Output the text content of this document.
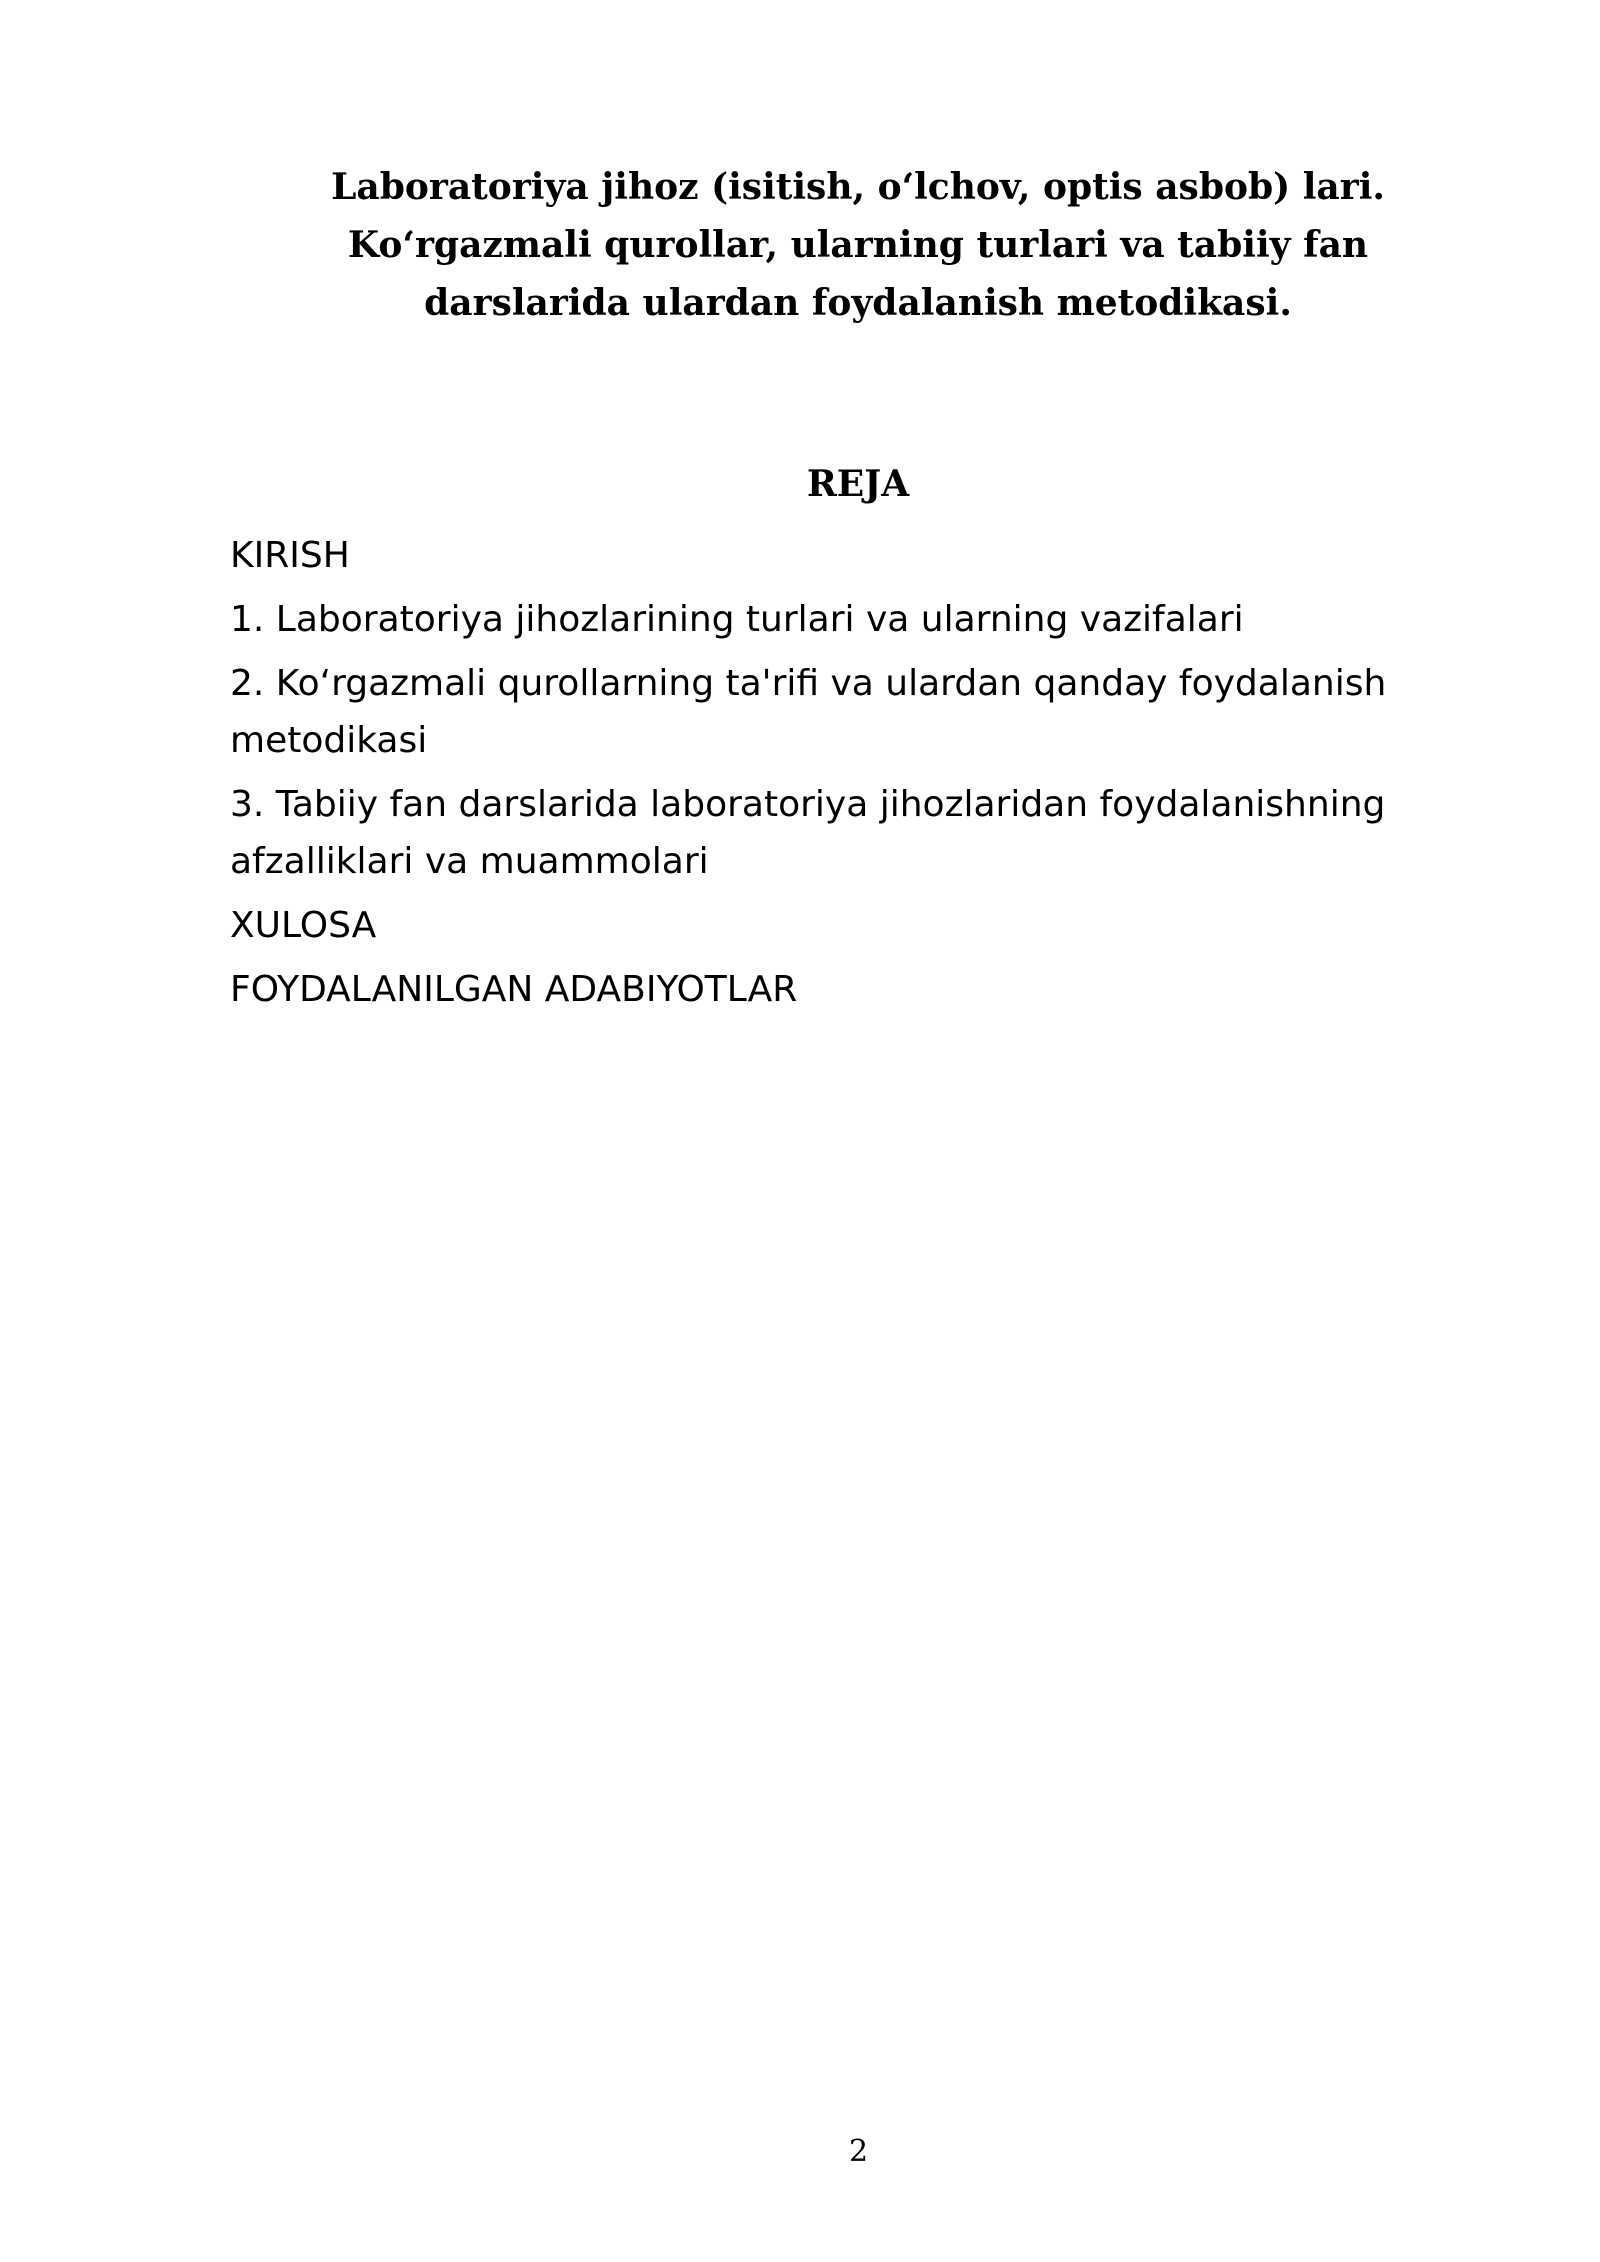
Laboratoriya jihoz (isitish, o‘lchov, optis asbob) lari.
Ko‘rgazmali qurollar, ularning turlari va tabiiy fan
darslarida ulardan foydalanish metodikasi.
REJA
KIRISH
1. Laboratoriya jihozlarining turlari va ularning vazifalari
2. Ko‘rgazmali qurollarning ta'rifi va ulardan qanday foydalanish metodikasi
3. Tabiiy fan darslarida laboratoriya jihozlaridan foydalanishning afzalliklari va muammolari
XULOSA
FOYDALANILGAN ADABIYOTLAR
2
